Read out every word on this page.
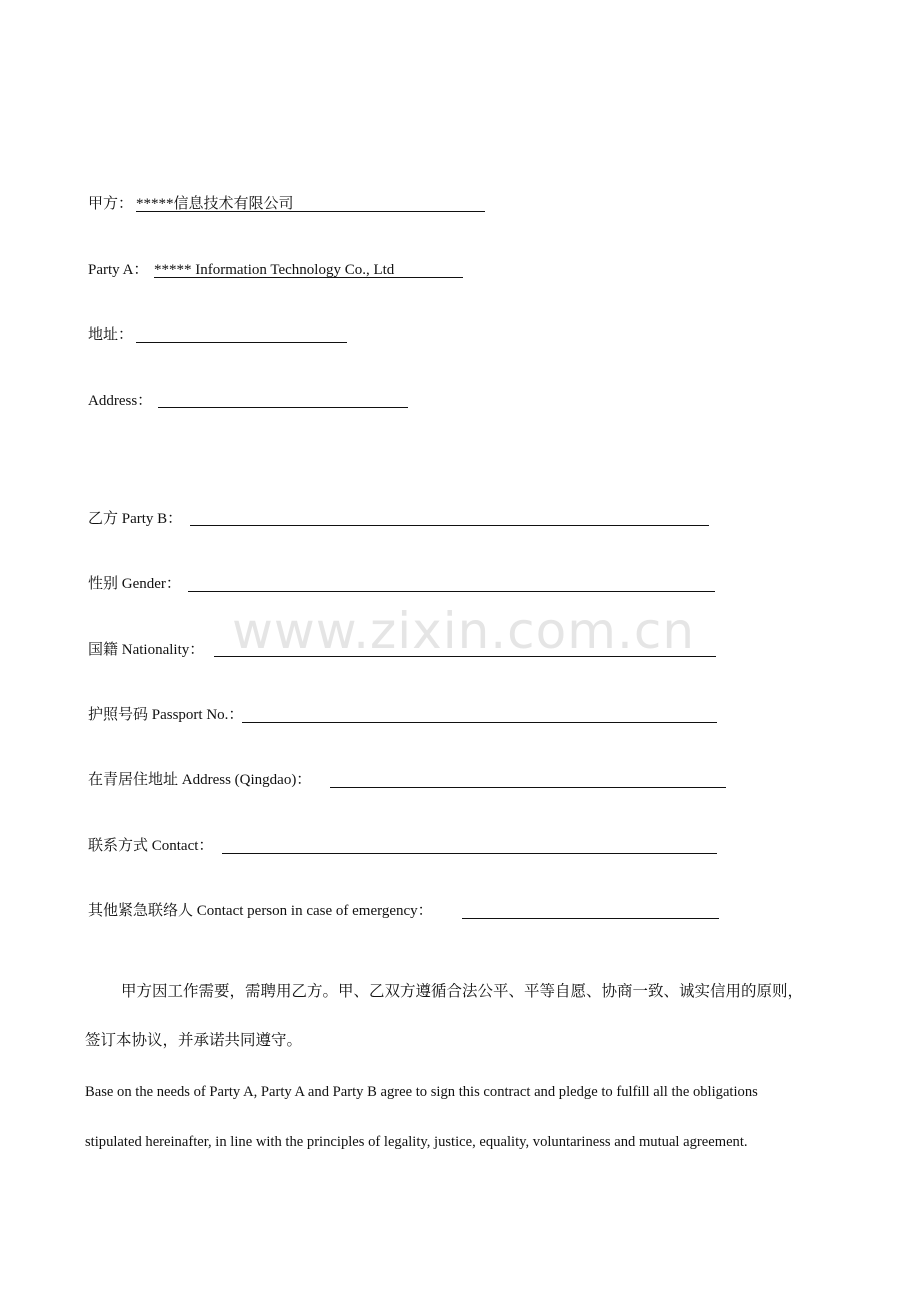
甲方： *****信息技术有限公司
Party A： ***** Information Technology Co., Ltd
地址：
Address：
乙方 Party B：
性别 Gender：
国籍 Nationality：
护照号码 Passport No.：
在青居住地址 Address (Qingdao)：
联系方式 Contact：
其他紧急联络人 Contact person in case of emergency：
甲方因工作需要，需聘用乙方。甲、乙双方遵循合法公平、平等自愿、协商一致、诚实信用的原则，
签订本协议，并承诺共同遵守。
Base on the needs of Party A, Party A and Party B agree to sign this contract and pledge to fulfill all the obligations
stipulated hereinafter, in line with the principles of legality, justice, equality, voluntariness and mutual agreement.
www.zixin.com.cn
